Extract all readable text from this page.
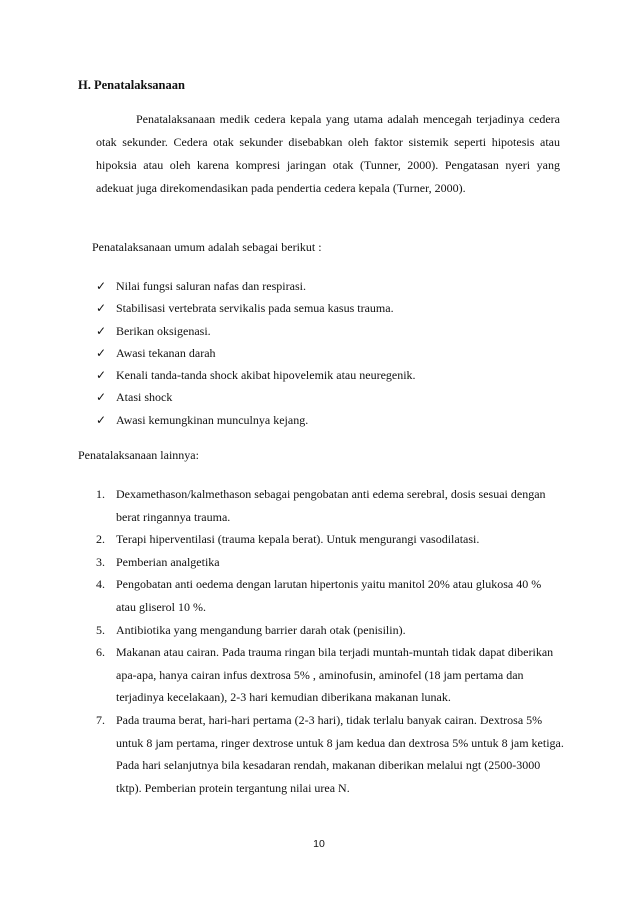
H. Penatalaksanaan

Penatalaksanaan medik cedera kepala yang utama adalah mencegah terjadinya cedera otak sekunder. Cedera otak sekunder disebabkan oleh faktor sistemik seperti hipotesis atau hipoksia atau oleh karena kompresi jaringan otak (Tunner, 2000). Pengatasan nyeri yang adekuat juga direkomendasikan pada pendertia cedera kepala (Turner, 2000).

Penatalaksanaan umum adalah sebagai berikut :

✓ Nilai fungsi saluran nafas dan respirasi.
✓ Stabilisasi vertebrata servikalis pada semua kasus trauma.
✓ Berikan oksigenasi.
✓ Awasi tekanan darah
✓ Kenali tanda-tanda shock akibat hipovelemik atau neuregenik.
✓ Atasi shock
✓ Awasi kemungkinan munculnya kejang.

Penatalaksanaan lainnya:

1. Dexamethason/kalmethason sebagai pengobatan anti edema serebral, dosis sesuai dengan berat ringannya trauma.
2. Terapi hiperventilasi (trauma kepala berat). Untuk mengurangi vasodilatasi.
3. Pemberian analgetika
4. Pengobatan anti oedema dengan larutan hipertonis yaitu manitol 20% atau glukosa 40 % atau gliserol 10 %.
5. Antibiotika yang mengandung barrier darah otak (penisilin).
6. Makanan atau cairan. Pada trauma ringan bila terjadi muntah-muntah tidak dapat diberikan apa-apa, hanya cairan infus dextrosa 5% , aminofusin, aminofel (18 jam pertama dan terjadinya kecelakaan), 2-3 hari kemudian diberikana makanan lunak.
7. Pada trauma berat, hari-hari pertama (2-3 hari), tidak terlalu banyak cairan. Dextrosa 5% untuk 8 jam pertama, ringer dextrose untuk 8 jam kedua dan dextrosa 5% untuk 8 jam ketiga. Pada hari selanjutnya bila kesadaran rendah, makanan diberikan melalui ngt (2500-3000 tktp). Pemberian protein tergantung nilai urea N.

10
